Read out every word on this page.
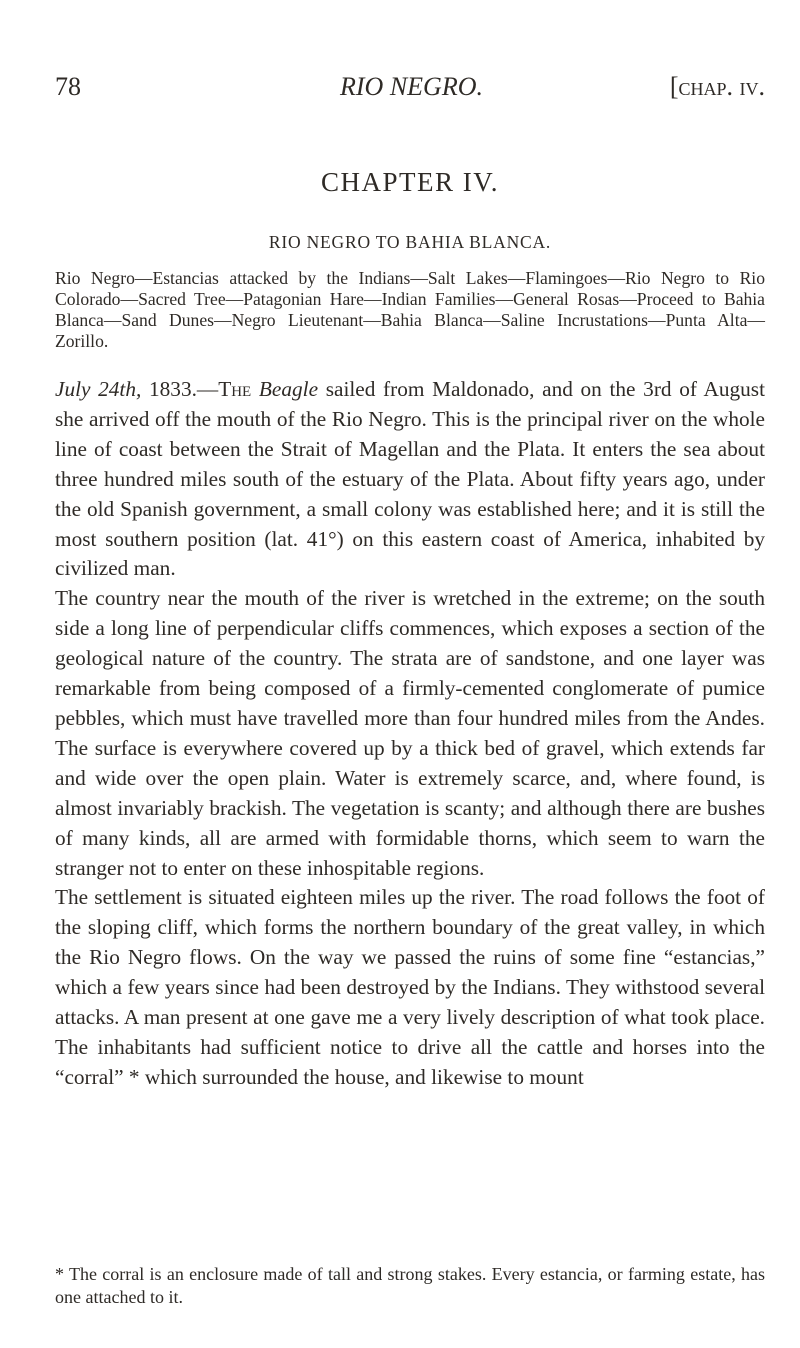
78	RIO NEGRO.	[chap. iv.
CHAPTER IV.
RIO NEGRO TO BAHIA BLANCA.

Rio Negro—Estancias attacked by the Indians—Salt Lakes—Flamingoes—Rio Negro to Rio Colorado—Sacred Tree—Patagonian Hare—Indian Families—General Rosas—Proceed to Bahia Blanca—Sand Dunes—Negro Lieutenant—Bahia Blanca—Saline Incrustations—Punta Alta—Zorillo.

July 24th, 1833.—The Beagle sailed from Maldonado, and on the 3rd of August she arrived off the mouth of the Rio Negro. This is the principal river on the whole line of coast between the Strait of Magellan and the Plata. It enters the sea about three hundred miles south of the estuary of the Plata. About fifty years ago, under the old Spanish government, a small colony was established here; and it is still the most southern position (lat. 41°) on this eastern coast of America, inhabited by civilized man.

The country near the mouth of the river is wretched in the extreme; on the south side a long line of perpendicular cliffs commences, which exposes a section of the geological nature of the country. The strata are of sandstone, and one layer was remarkable from being composed of a firmly-cemented conglomerate of pumice pebbles, which must have travelled more than four hundred miles from the Andes. The surface is everywhere covered up by a thick bed of gravel, which extends far and wide over the open plain. Water is extremely scarce, and, where found, is almost invariably brackish. The vegetation is scanty; and although there are bushes of many kinds, all are armed with formidable thorns, which seem to warn the stranger not to enter on these inhospitable regions.

The settlement is situated eighteen miles up the river. The road follows the foot of the sloping cliff, which forms the northern boundary of the great valley, in which the Rio Negro flows. On the way we passed the ruins of some fine “estancias,” which a few years since had been destroyed by the Indians. They withstood several attacks. A man present at one gave me a very lively description of what took place. The inhabitants had sufficient notice to drive all the cattle and horses into the “corral” * which surrounded the house, and likewise to mount

* The corral is an enclosure made of tall and strong stakes. Every estancia, or farming estate, has one attached to it.
